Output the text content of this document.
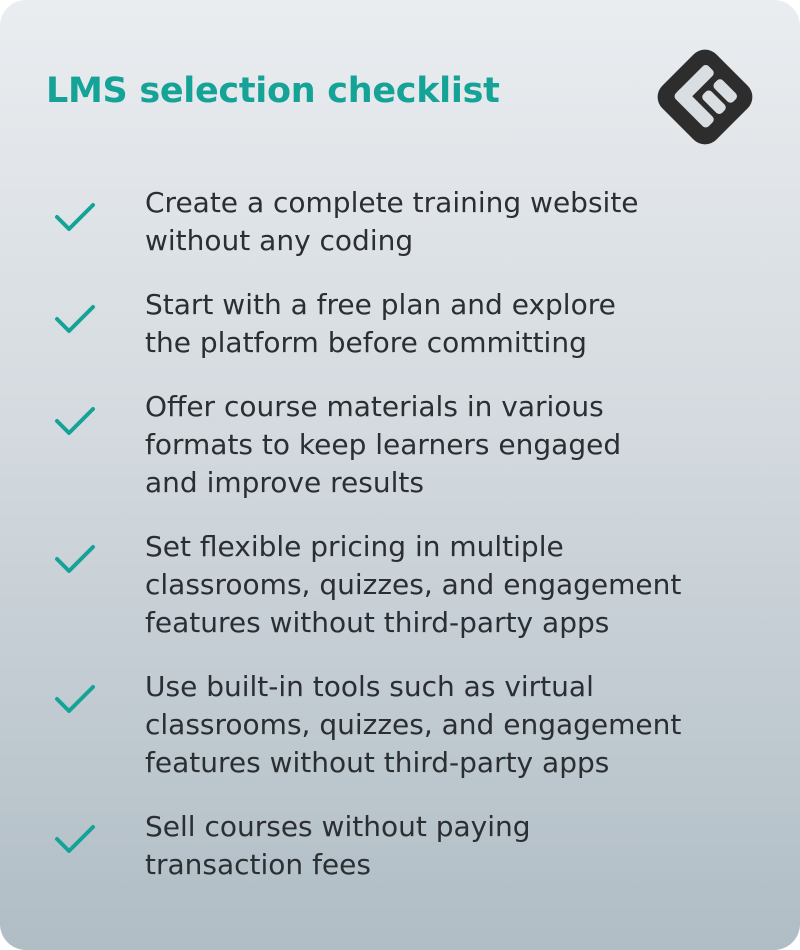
LMS selection checklist

Create a complete training website
without any coding

Start with a free plan and explore
the platform before committing

Offer course materials in various
formats to keep learners engaged
and improve results

Set flexible pricing in multiple
classrooms, quizzes, and engagement
features without third-party apps

Use built-in tools such as virtual
classrooms, quizzes, and engagement
features without third-party apps

Sell courses without paying
transaction fees
